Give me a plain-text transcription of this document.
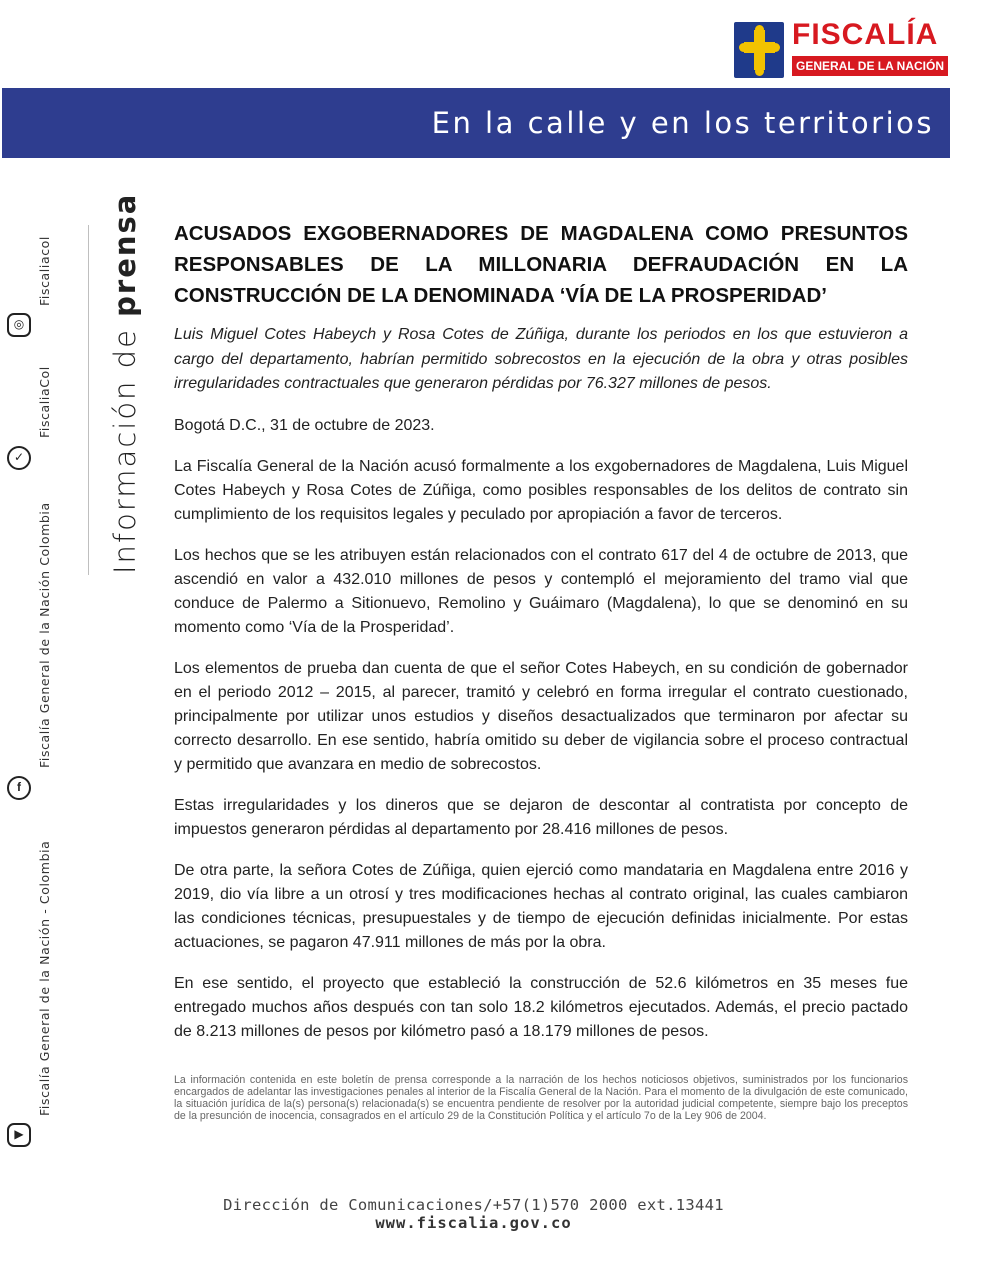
FISCALÍA
GENERAL DE LA NACIÓN
En la calle y en los territorios
Información de prensa
Fiscaliacol
◎
FiscaliaCol
✓
Fiscalía General de la Nación Colombia
f
Fiscalía General de la Nación - Colombia
▶
ACUSADOS EXGOBERNADORES DE MAGDALENA COMO PRESUNTOS RESPONSABLES DE LA MILLONARIA DEFRAUDACIÓN EN LA CONSTRUCCIÓN DE LA DENOMINADA ‘VÍA DE LA PROSPERIDAD’

Luis Miguel Cotes Habeych y Rosa Cotes de Zúñiga, durante los periodos en los que estuvieron a cargo del departamento, habrían permitido sobrecostos en la ejecución de la obra y otras posibles irregularidades contractuales que generaron pérdidas por 76.327 millones de pesos.

Bogotá D.C., 31 de octubre de 2023.

La Fiscalía General de la Nación acusó formalmente a los exgobernadores de Magdalena, Luis Miguel Cotes Habeych y Rosa Cotes de Zúñiga, como posibles responsables de los delitos de contrato sin cumplimiento de los requisitos legales y peculado por apropiación a favor de terceros.

Los hechos que se les atribuyen están relacionados con el contrato 617 del 4 de octubre de 2013, que ascendió en valor a 432.010 millones de pesos y contempló el mejoramiento del tramo vial que conduce de Palermo a Sitionuevo, Remolino y Guáimaro (Magdalena), lo que se denominó en su momento como ‘Vía de la Prosperidad’.

Los elementos de prueba dan cuenta de que el señor Cotes Habeych, en su condición de gobernador en el periodo 2012 – 2015, al parecer, tramitó y celebró en forma irregular el contrato cuestionado, principalmente por utilizar unos estudios y diseños desactualizados que terminaron por afectar su correcto desarrollo. En ese sentido, habría omitido su deber de vigilancia sobre el proceso contractual y permitido que avanzara en medio de sobrecostos.

Estas irregularidades y los dineros que se dejaron de descontar al contratista por concepto de impuestos generaron pérdidas al departamento por 28.416 millones de pesos.

De otra parte, la señora Cotes de Zúñiga, quien ejerció como mandataria en Magdalena entre 2016 y 2019, dio vía libre a un otrosí y tres modificaciones hechas al contrato original, las cuales cambiaron las condiciones técnicas, presupuestales y de tiempo de ejecución definidas inicialmente. Por estas actuaciones, se pagaron 47.911 millones de más por la obra.

En ese sentido, el proyecto que estableció la construcción de 52.6 kilómetros en 35 meses fue entregado muchos años después con tan solo 18.2 kilómetros ejecutados. Además, el precio pactado de 8.213 millones de pesos por kilómetro pasó a 18.179 millones de pesos.

La información contenida en este boletín de prensa corresponde a la narración de los hechos noticiosos objetivos, suministrados por los funcionarios encargados de adelantar las investigaciones penales al interior de la Fiscalía General de la Nación. Para el momento de la divulgación de este comunicado, la situación jurídica de la(s) persona(s) relacionada(s) se encuentra pendiente de resolver por la autoridad judicial competente, siempre bajo los preceptos de la presunción de inocencia, consagrados en el artículo 29 de la Constitución Política y el artículo 7o de la Ley 906 de 2004.

Dirección de Comunicaciones/+57(1)570 2000 ext.13441
www.fiscalia.gov.co
